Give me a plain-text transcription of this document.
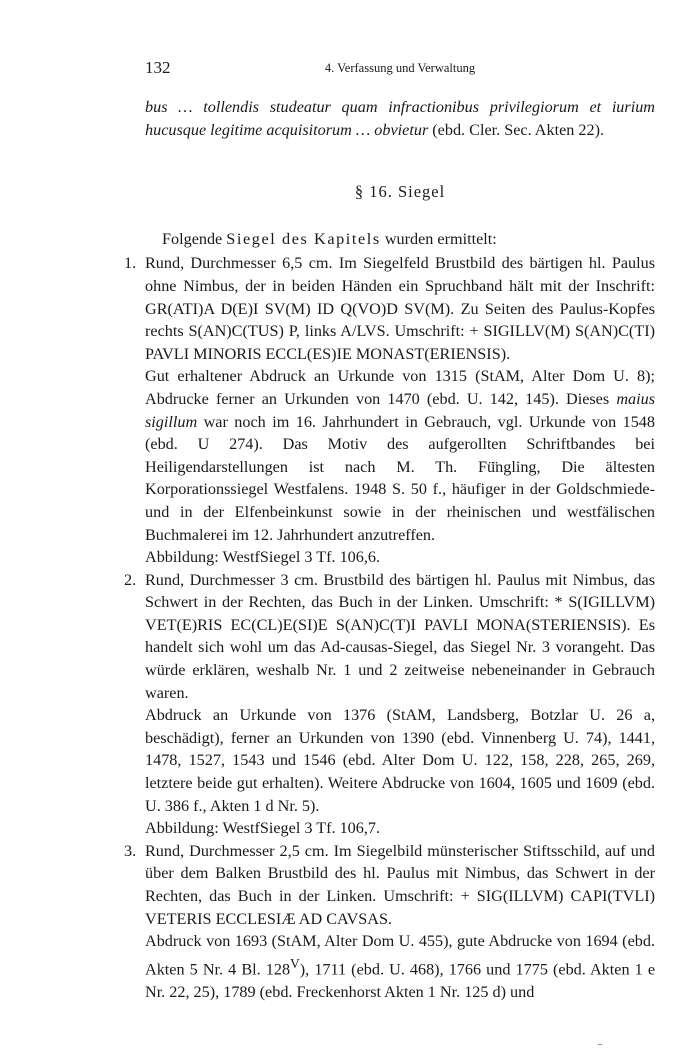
132	4. Verfassung und Verwaltung

bus … tollendis studeatur quam infractionibus privilegiorum et iurium hucusque legitime acquisitorum … obvietur (ebd. Cler. Sec. Akten 22).

§ 16. Siegel

Folgende Siegel des Kapitels wurden ermittelt:

1. Rund, Durchmesser 6,5 cm. Im Siegelfeld Brustbild des bärtigen hl. Paulus ohne Nimbus, der in beiden Händen ein Spruchband hält mit der Inschrift: GR(ATI)A D(E)I SV(M) ID Q(VO)D SV(M). Zu Seiten des Paulus-Kopfes rechts S(AN)C(TUS) P, links A/LVS. Umschrift: + SIGILLV(M) S(AN)C(TI) PAVLI MINORIS ECCL(ES)IE MONAST(ERIENSIS).

Gut erhaltener Abdruck an Urkunde von 1315 (StAM, Alter Dom U. 8); Abdrucke ferner an Urkunden von 1470 (ebd. U. 142, 145). Dieses maius sigillum war noch im 16. Jahrhundert in Gebrauch, vgl. Urkunde von 1548 (ebd. U 274). Das Motiv des aufgerollten Schriftbandes bei Heiligendarstellungen ist nach M. Th. Fü̈ngling, Die ältesten Korporationssiegel Westfalens. 1948 S. 50 f., häufiger in der Goldschmiede- und in der Elfenbeinkunst sowie in der rheinischen und westfälischen Buchmalerei im 12. Jahrhundert anzutreffen.

Abbildung: WestfSiegel 3 Tf. 106,6.

2. Rund, Durchmesser 3 cm. Brustbild des bärtigen hl. Paulus mit Nimbus, das Schwert in der Rechten, das Buch in der Linken. Umschrift: * S(IGILLVM) VET(E)RIS EC(CL)E(SI)E S(AN)C(T)I PAVLI MONA(STERIENSIS). Es handelt sich wohl um das Ad-causas-Siegel, das Siegel Nr. 3 vorangeht. Das würde erklären, weshalb Nr. 1 und 2 zeitweise nebeneinander in Gebrauch waren.

Abdruck an Urkunde von 1376 (StAM, Landsberg, Botzlar U. 26 a, beschädigt), ferner an Urkunden von 1390 (ebd. Vinnenberg U. 74), 1441, 1478, 1527, 1543 und 1546 (ebd. Alter Dom U. 122, 158, 228, 265, 269, letztere beide gut erhalten). Weitere Abdrucke von 1604, 1605 und 1609 (ebd. U. 386 f., Akten 1 d Nr. 5).

Abbildung: WestfSiegel 3 Tf. 106,7.

3. Rund, Durchmesser 2,5 cm. Im Siegelbild münsterischer Stiftsschild, auf und über dem Balken Brustbild des hl. Paulus mit Nimbus, das Schwert in der Rechten, das Buch in der Linken. Umschrift: + SIG(ILLVM) CAPI(TVLI) VETERIS ECCLESIÆ AD CAVSAS.

Abdruck von 1693 (StAM, Alter Dom U. 455), gute Abdrucke von 1694 (ebd. Akten 5 Nr. 4 Bl. $128^V$), 1711 (ebd. U. 468), 1766 und 1775 (ebd. Akten 1 e Nr. 22, 25), 1789 (ebd. Freckenhorst Akten 1 Nr. 125 d) und
